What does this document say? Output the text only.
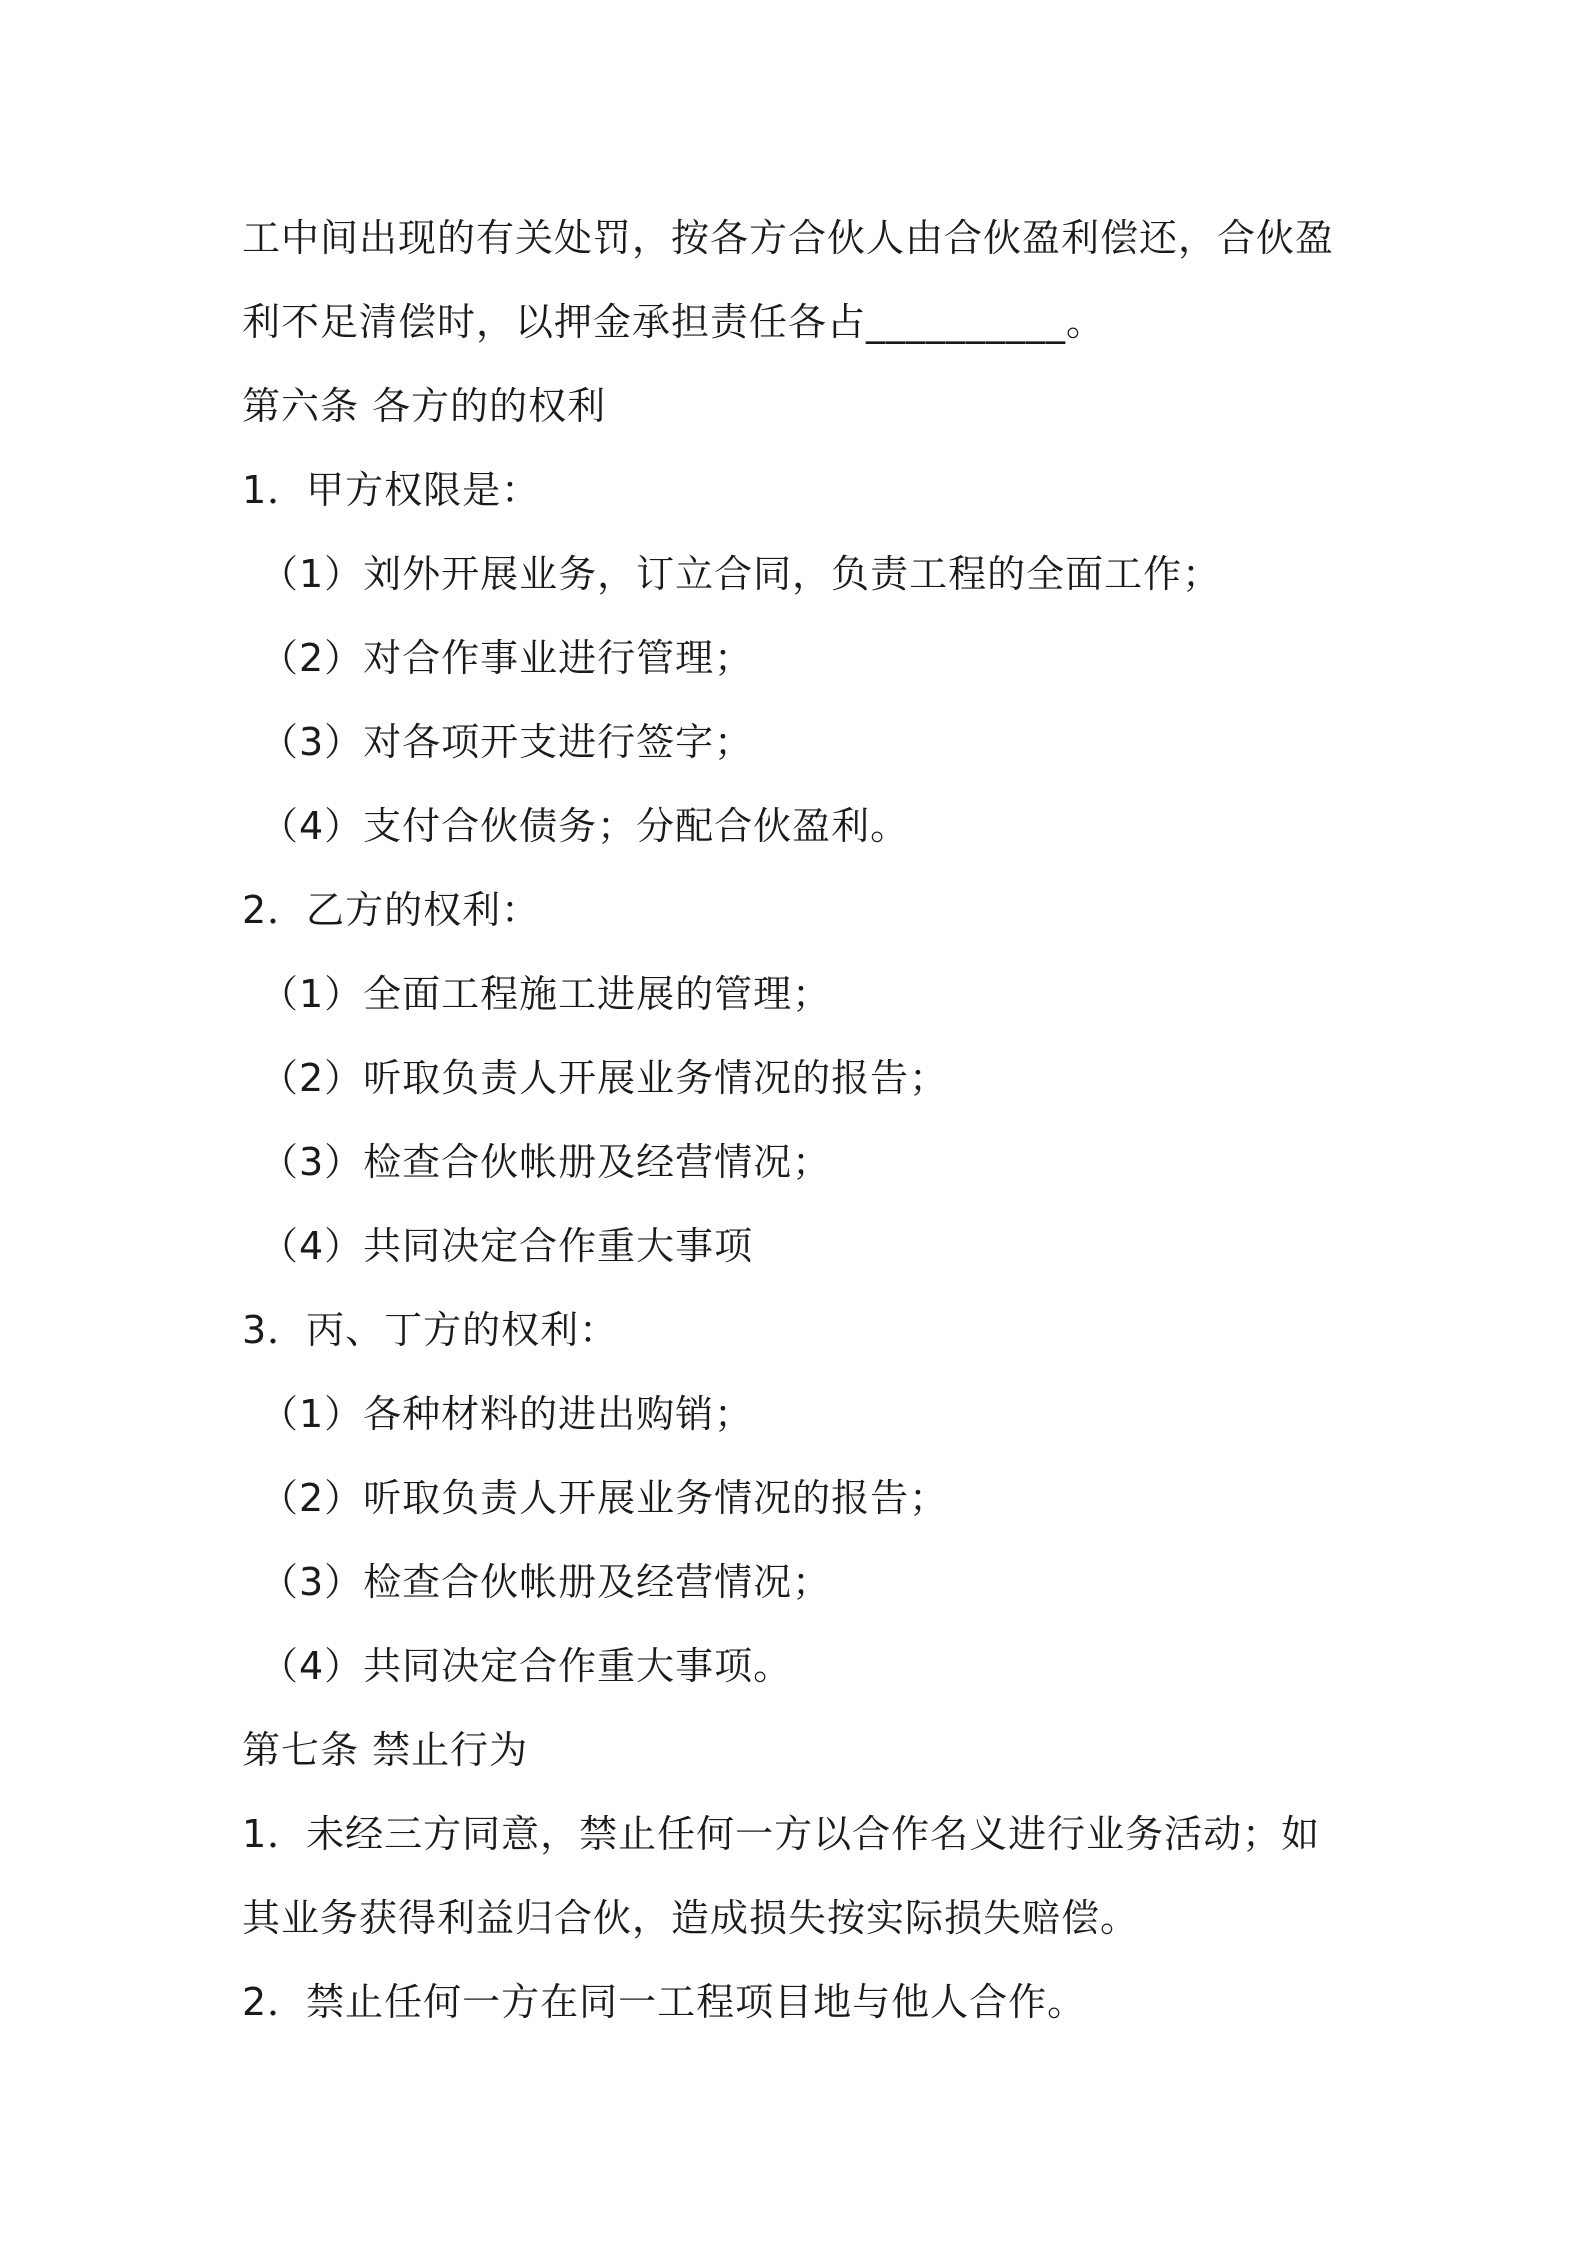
工中间出现的有关处罚，按各方合伙人由合伙盈利偿还，合伙盈
利不足清偿时，以押金承担责任各占__________。
第六条 各方的的权利
1．甲方权限是：
（1）刘外开展业务，订立合同，负责工程的全面工作；
（2）对合作事业进行管理；
（3）对各项开支进行签字；
（4）支付合伙债务；分配合伙盈利。
2．乙方的权利：
（1）全面工程施工进展的管理；
（2）听取负责人开展业务情况的报告；
（3）检查合伙帐册及经营情况；
（4）共同决定合作重大事项
3．丙、丁方的权利：
（1）各种材料的进出购销；
（2）听取负责人开展业务情况的报告；
（3）检查合伙帐册及经营情况；
（4）共同决定合作重大事项。
第七条 禁止行为
1．未经三方同意，禁止任何一方以合作名义进行业务活动；如
其业务获得利益归合伙，造成损失按实际损失赔偿。
2．禁止任何一方在同一工程项目地与他人合作。
